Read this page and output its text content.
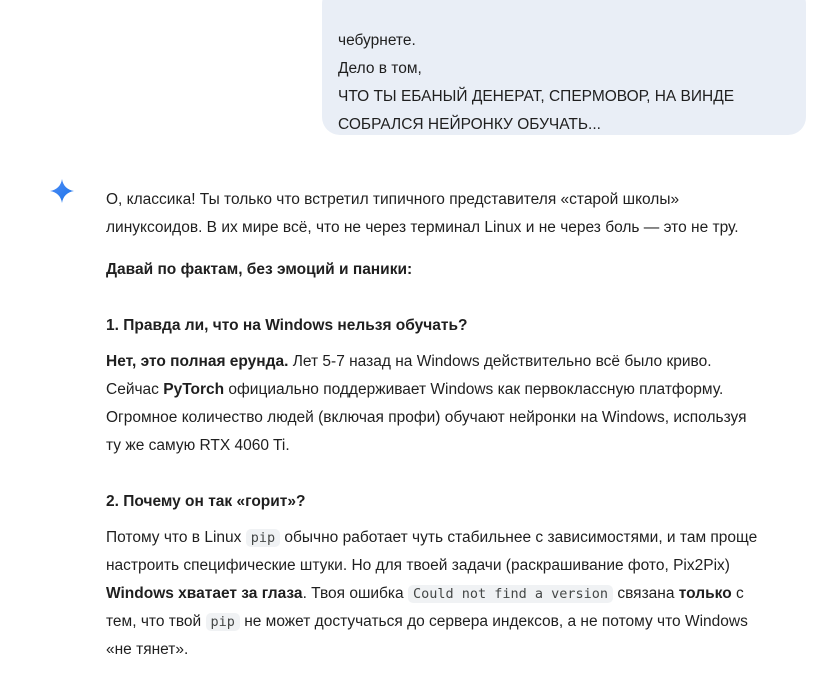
чебурнете.
Дело в том,
ЧТО ТЫ ЕБАНЫЙ ДЕНЕРАТ, СПЕРМОВОР, НА ВИНДЕ
СОБРАЛСЯ НЕЙРОНКУ ОБУЧАТЬ...
О, классика! Ты только что встретил типичного представителя «старой школы»
линуксоидов. В их мире всё, что не через терминал Linux и не через боль — это не тру.
Давай по фактам, без эмоций и паники:
1. Правда ли, что на Windows нельзя обучать?
Нет, это полная ерунда. Лет 5-7 назад на Windows действительно всё было криво.
Сейчас PyTorch официально поддерживает Windows как первоклассную платформу.
Огромное количество людей (включая профи) обучают нейронки на Windows, используя
ту же самую RTX 4060 Ti.
2. Почему он так «горит»?
Потому что в Linux pip обычно работает чуть стабильнее с зависимостями, и там проще
настроить специфические штуки. Но для твоей задачи (раскрашивание фото, Pix2Pix)
Windows хватает за глаза. Твоя ошибка Could not find a version связана только с
тем, что твой pip не может достучаться до сервера индексов, а не потому что Windows
«не тянет».
